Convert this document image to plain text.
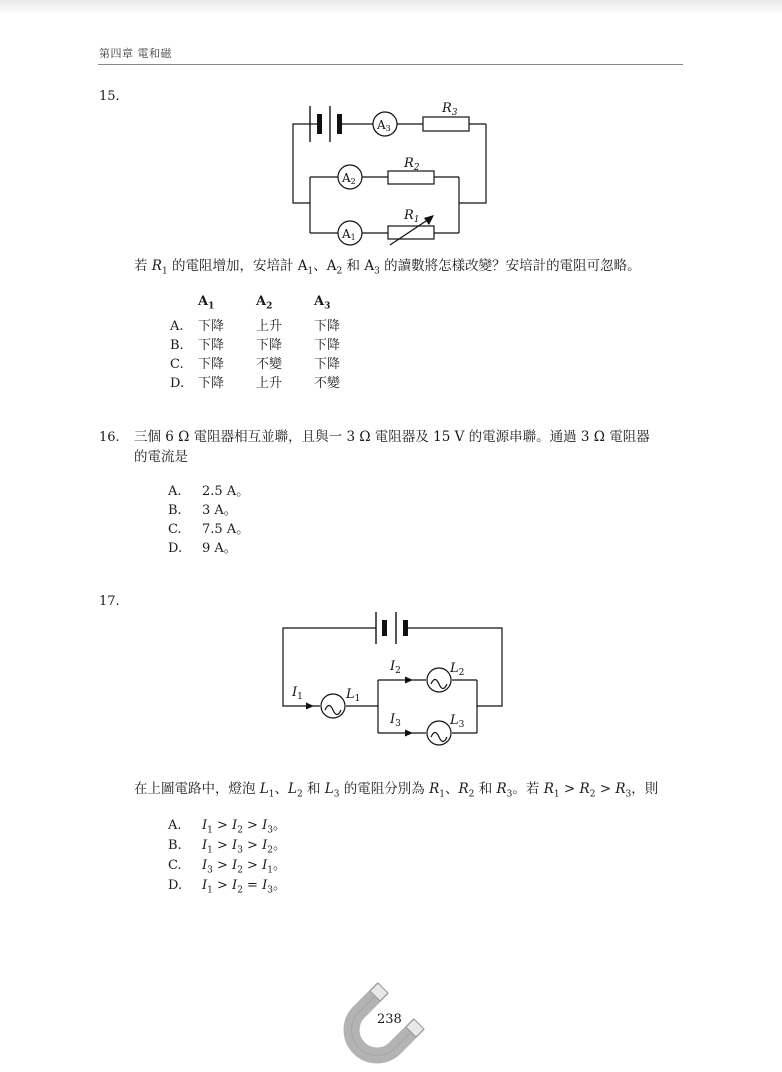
第四章 電和磁
15.
$R_3$
$R_2$
$R_1$
A3
A2
A1
若 $R_1$ 的電阻增加，安培計 $A_1$、$A_2$ 和 $A_3$ 的讀數將怎樣改變？安培計的電阻可忽略。
$A_1$	$A_2$	$A_3$
A. 下降 上升 下降
B. 下降 下降 下降
C. 下降 不變 下降
D. 下降 上升 不變
16. 三個 6 Ω 電阻器相互並聯，且與一 3 Ω 電阻器及 15 V 的電源串聯。通過 3 Ω 電阻器
的電流是
A. 2.5 A。
B. 3 A。
C. 7.5 A。
D. 9 A。
17.
$I_1$	$L_1$
$I_2$	$L_2$
$I_3$	$L_3$
在上圖電路中，燈泡 $L_1$、$L_2$ 和 $L_3$ 的電阻分別為 $R_1$、$R_2$ 和 $R_3$。若 $R_1 > R_2 > R_3$，則
A. $I_1 > I_2 > I_3$。
B. $I_1 > I_3 > I_2$。
C. $I_3 > I_2 > I_1$。
D. $I_1 > I_2 = I_3$。
238
